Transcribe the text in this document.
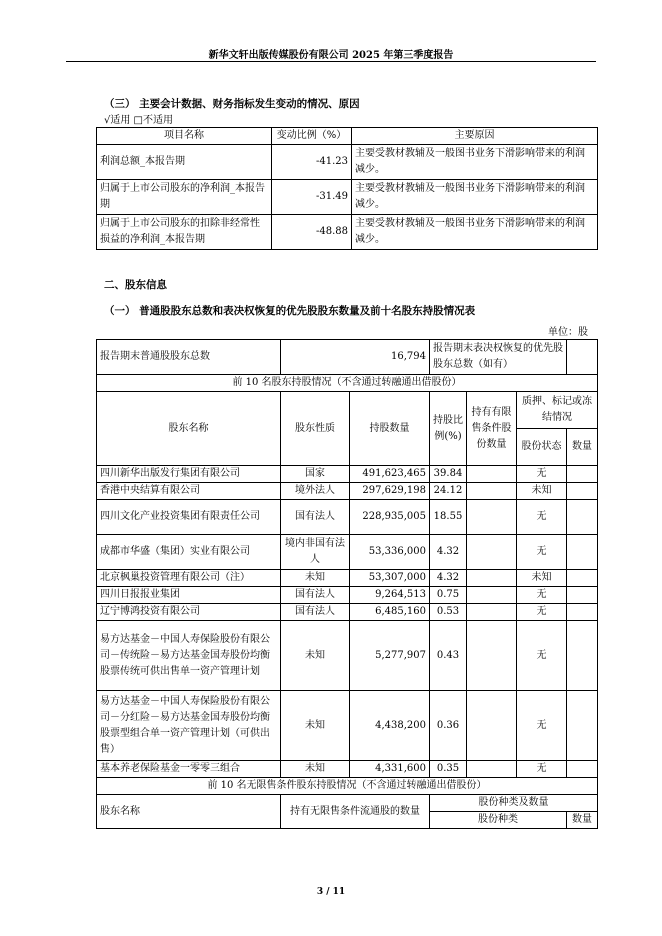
新华文轩出版传媒股份有限公司 2025 年第三季度报告
（三） 主要会计数据、财务指标发生变动的情况、原因
√适用 □不适用
项目名称	变动比例（%）	主要原因
利润总额_本报告期	-41.23	主要受教材教辅及一般图书业务下滑影响带来的利润减少。
归属于上市公司股东的净利润_本报告期	-31.49	主要受教材教辅及一般图书业务下滑影响带来的利润减少。
归属于上市公司股东的扣除非经常性损益的净利润_本报告期	-48.88	主要受教材教辅及一般图书业务下滑影响带来的利润减少。
二、股东信息
（一） 普通股股东总数和表决权恢复的优先股股东数量及前十名股东持股情况表
单位：股
报告期末普通股股东总数	16,794		报告期末表决权恢复的优先股股东总数（如有）			
前 10 名股东持股情况（不含通过转融通出借股份）						
股东名称	股东性质	持股数量	持股比例(%)	持有有限售条件股份数量	质押、标记或冻结情况	
					股份状态	数量
四川新华出版发行集团有限公司	国家	491,623,465	39.84		无	
香港中央结算有限公司	境外法人	297,629,198	24.12		未知	
四川文化产业投资集团有限责任公司	国有法人	228,935,005	18.55		无	
成都市华盛（集团）实业有限公司	境内非国有法人	53,336,000	4.32		无	
北京枫巢投资管理有限公司（注）	未知	53,307,000	4.32		未知	
四川日报报业集团	国有法人	9,264,513	0.75		无	
辽宁博鸿投资有限公司	国有法人	6,485,160	0.53		无	
易方达基金－中国人寿保险股份有限公司－传统险－易方达基金国寿股份均衡股票传统可供出售单一资产管理计划	未知	5,277,907	0.43		无	
易方达基金－中国人寿保险股份有限公司－分红险－易方达基金国寿股份均衡股票型组合单一资产管理计划（可供出售）	未知	4,438,200	0.36		无	
基本养老保险基金一零零三组合	未知	4,331,600	0.35		无	
前 10 名无限售条件股东持股情况（不含通过转融通出借股份）						
股东名称	持有无限售条件流通股的数量		股份种类及数量			
			股份种类			数量
3 / 11
